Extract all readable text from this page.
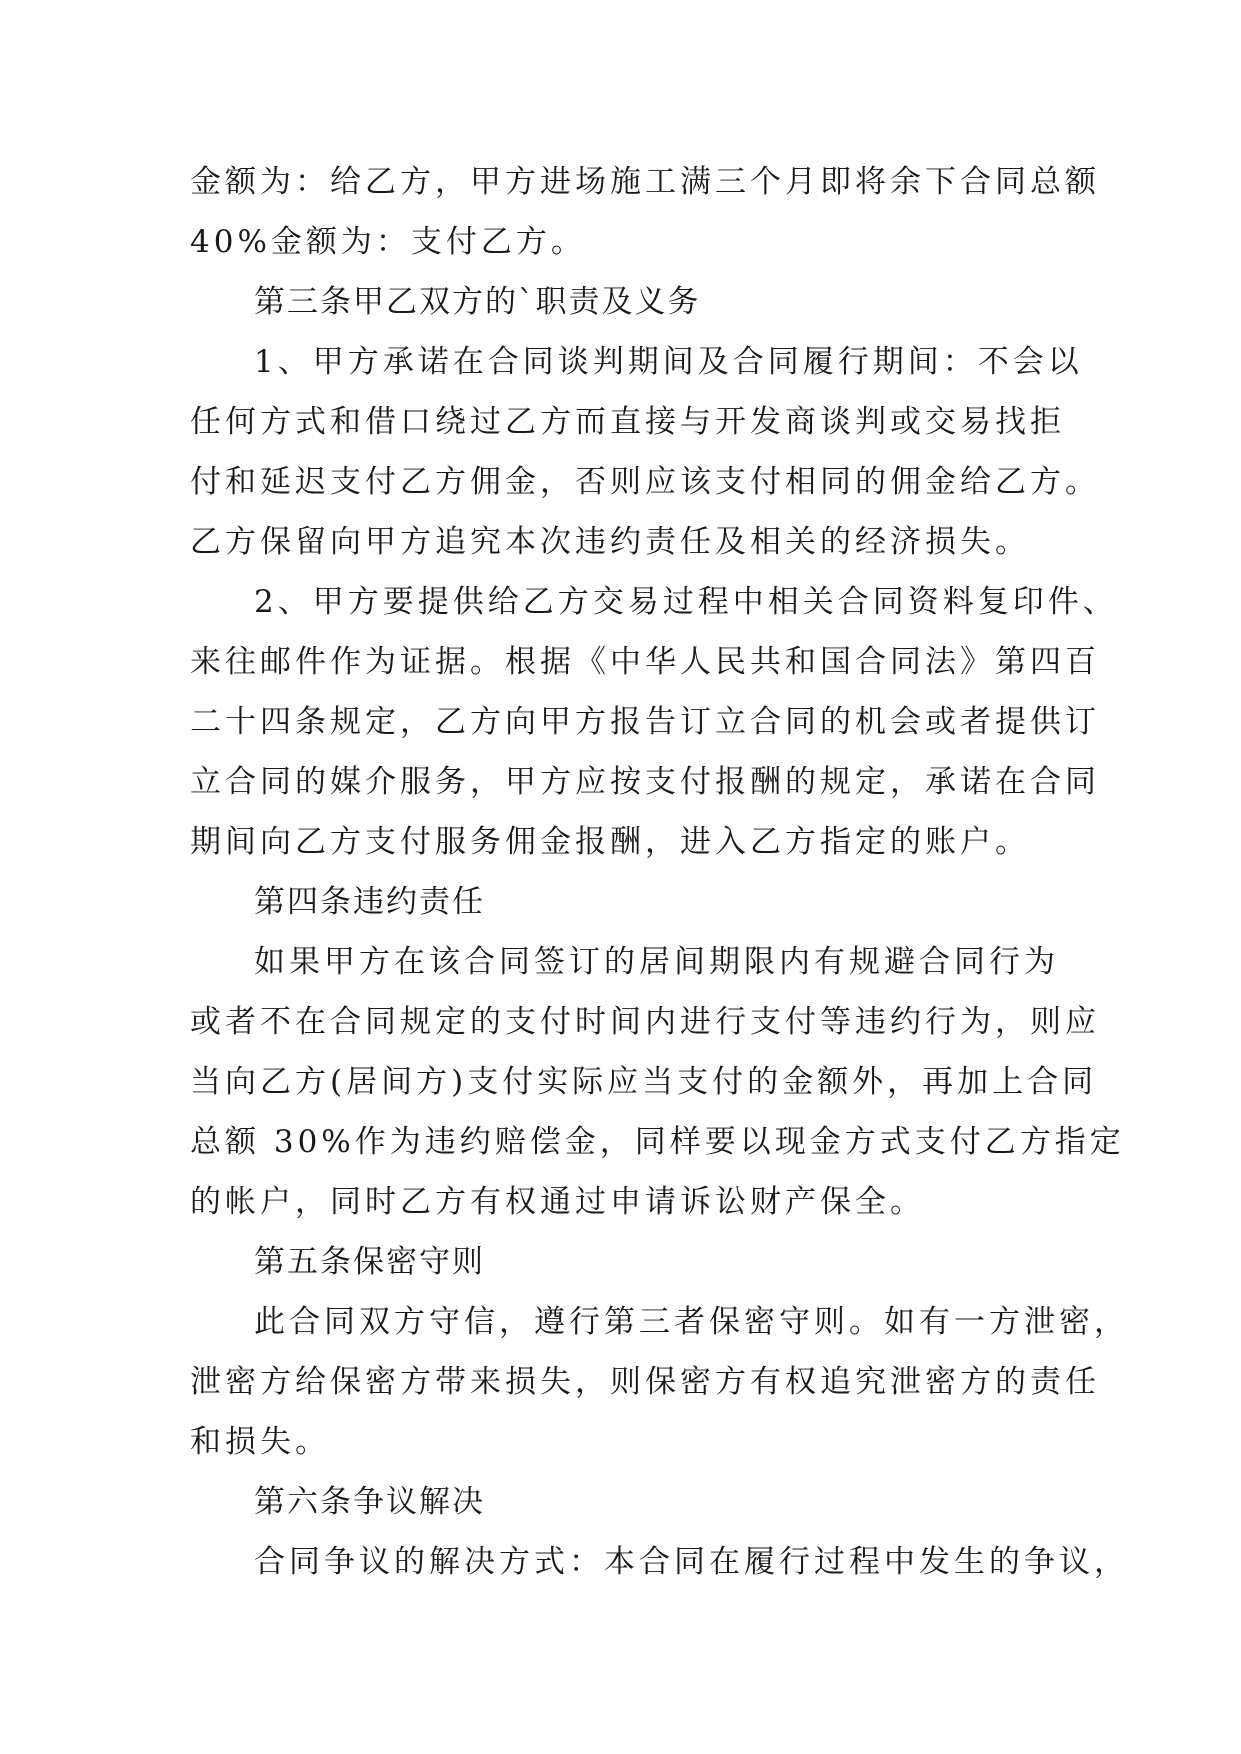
金额为：给乙方，甲方进场施工满三个月即将余下合同总额
40%金额为：支付乙方。

第三条甲乙双方的`职责及义务

1、甲方承诺在合同谈判期间及合同履行期间：不会以
任何方式和借口绕过乙方而直接与开发商谈判或交易找拒
付和延迟支付乙方佣金，否则应该支付相同的佣金给乙方。
乙方保留向甲方追究本次违约责任及相关的经济损失。

2、甲方要提供给乙方交易过程中相关合同资料复印件、
来往邮件作为证据。根据《中华人民共和国合同法》第四百
二十四条规定，乙方向甲方报告订立合同的机会或者提供订
立合同的媒介服务，甲方应按支付报酬的规定，承诺在合同
期间向乙方支付服务佣金报酬，进入乙方指定的账户。

第四条违约责任

如果甲方在该合同签订的居间期限内有规避合同行为
或者不在合同规定的支付时间内进行支付等违约行为，则应
当向乙方(居间方)支付实际应当支付的金额外，再加上合同
总额 30%作为违约赔偿金，同样要以现金方式支付乙方指定
的帐户，同时乙方有权通过申请诉讼财产保全。

第五条保密守则

此合同双方守信，遵行第三者保密守则。如有一方泄密，
泄密方给保密方带来损失，则保密方有权追究泄密方的责任
和损失。

第六条争议解决

合同争议的解决方式：本合同在履行过程中发生的争议，
